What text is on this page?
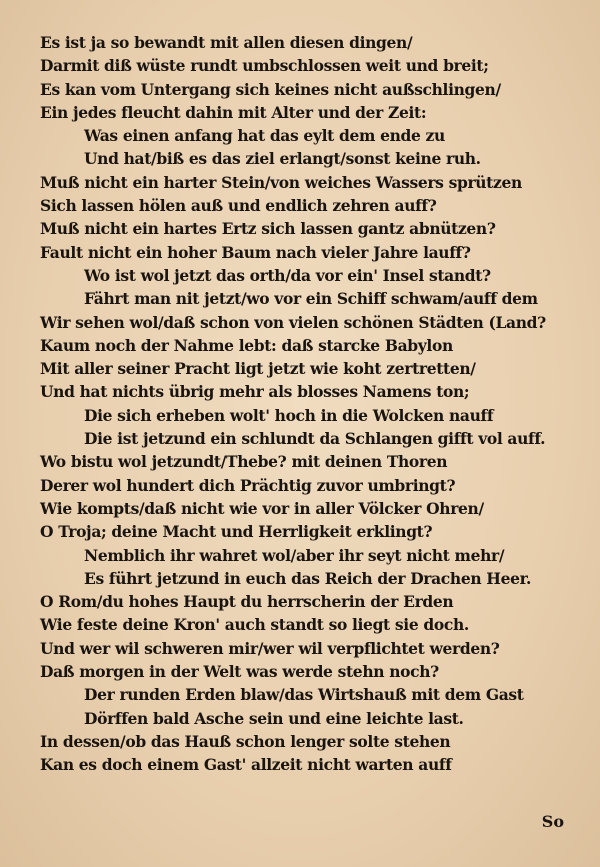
Es ist ja so bewandt mit allen diesen dingen/
Darmit diß wüste rundt umbschlossen weit und breit;
Es kan vom Untergang sich keines nicht außschlingen/
Ein jedes fleucht dahin mit Alter und der Zeit:
Was einen anfang hat das eylt dem ende zu
Und hat/biß es das ziel erlangt/sonst keine ruh.
Muß nicht ein harter Stein/von weiches Wassers sprützen
Sich lassen hölen auß und endlich zehren auff?
Muß nicht ein hartes Ertz sich lassen gantz abnützen?
Fault nicht ein hoher Baum nach vieler Jahre lauff?
Wo ist wol jetzt das orth/da vor ein' Insel standt?
Fährt man nit jetzt/wo vor ein Schiff schwam/auff dem
Wir sehen wol/daß schon von vielen schönen Städten (Land?
Kaum noch der Nahme lebt: daß starcke Babylon
Mit aller seiner Pracht ligt jetzt wie koht zertretten/
Und hat nichts übrig mehr als blosses Namens ton;
Die sich erheben wolt' hoch in die Wolcken nauff
Die ist jetzund ein schlundt da Schlangen gifft vol auff.
Wo bistu wol jetzundt/Thebe? mit deinen Thoren
Derer wol hundert dich Prächtig zuvor umbringt?
Wie kompts/daß nicht wie vor in aller Völcker Ohren/
O Troja; deine Macht und Herrligkeit erklingt?
Nemblich ihr wahret wol/aber ihr seyt nicht mehr/
Es führt jetzund in euch das Reich der Drachen Heer.
O Rom/du hohes Haupt du herrscherin der Erden
Wie feste deine Kron' auch standt so liegt sie doch.
Und wer wil schweren mir/wer wil verpflichtet werden?
Daß morgen in der Welt was werde stehn noch?
Der runden Erden blaw/das Wirtshauß mit dem Gast
Dörffen bald Asche sein und eine leichte last.
In dessen/ob das Hauß schon lenger solte stehen
Kan es doch einem Gast' allzeit nicht warten auff
So
